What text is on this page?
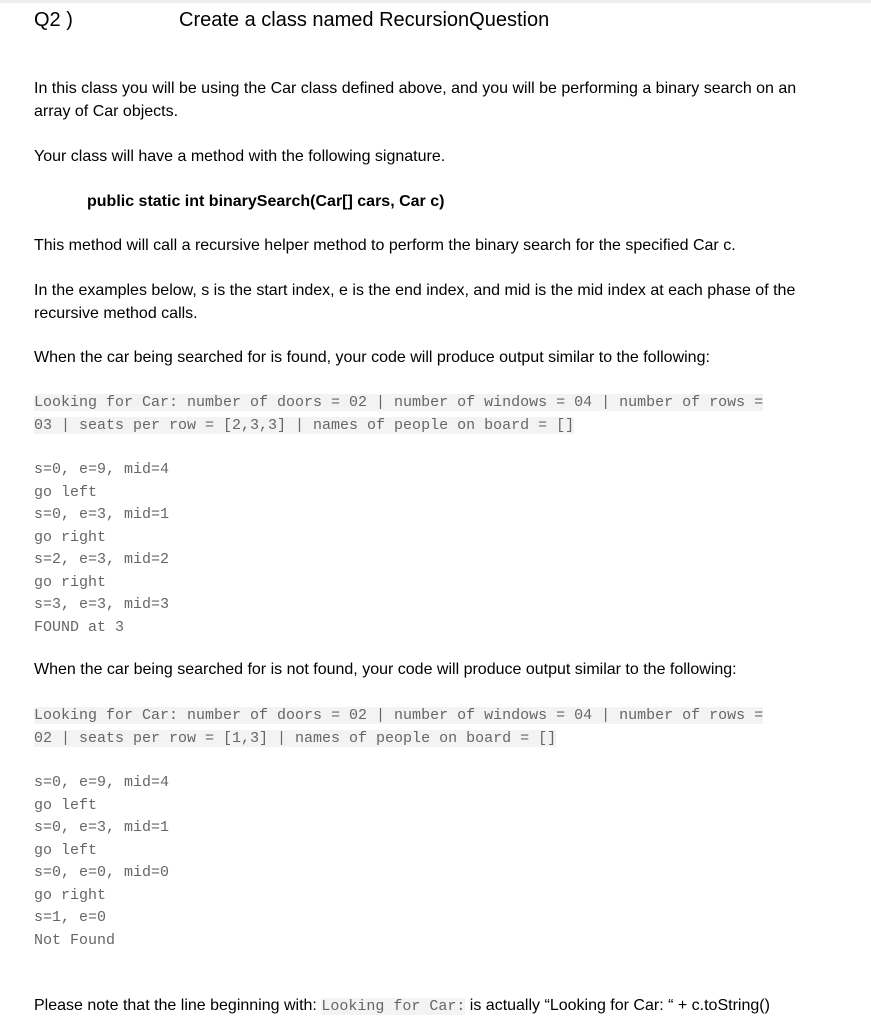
Q2 )	Create a class named RecursionQuestion

In this class you will be using the Car class defined above, and you will be performing a binary search on an array of Car objects.

Your class will have a method with the following signature.

public static int binarySearch(Car[] cars, Car c)

This method will call a recursive helper method to perform the binary search for the specified Car c.

In the examples below, s is the start index, e is the end index, and mid is the mid index at each phase of the recursive method calls.

When the car being searched for is found, your code will produce output similar to the following:

Looking for Car: number of doors = 02 | number of windows = 04 | number of rows =
03 | seats per row = [2,3,3] | names of people on board = []
s=0, e=9, mid=4
go left
s=0, e=3, mid=1
go right
s=2, e=3, mid=2
go right
s=3, e=3, mid=3
FOUND at 3

When the car being searched for is not found, your code will produce output similar to the following:

Looking for Car: number of doors = 02 | number of windows = 04 | number of rows =
02 | seats per row = [1,3] | names of people on board = []
s=0, e=9, mid=4
go left
s=0, e=3, mid=1
go left
s=0, e=0, mid=0
go right
s=1, e=0
Not Found

Please note that the line beginning with: Looking for Car: is actually “Looking for Car: “ + c.toString()
